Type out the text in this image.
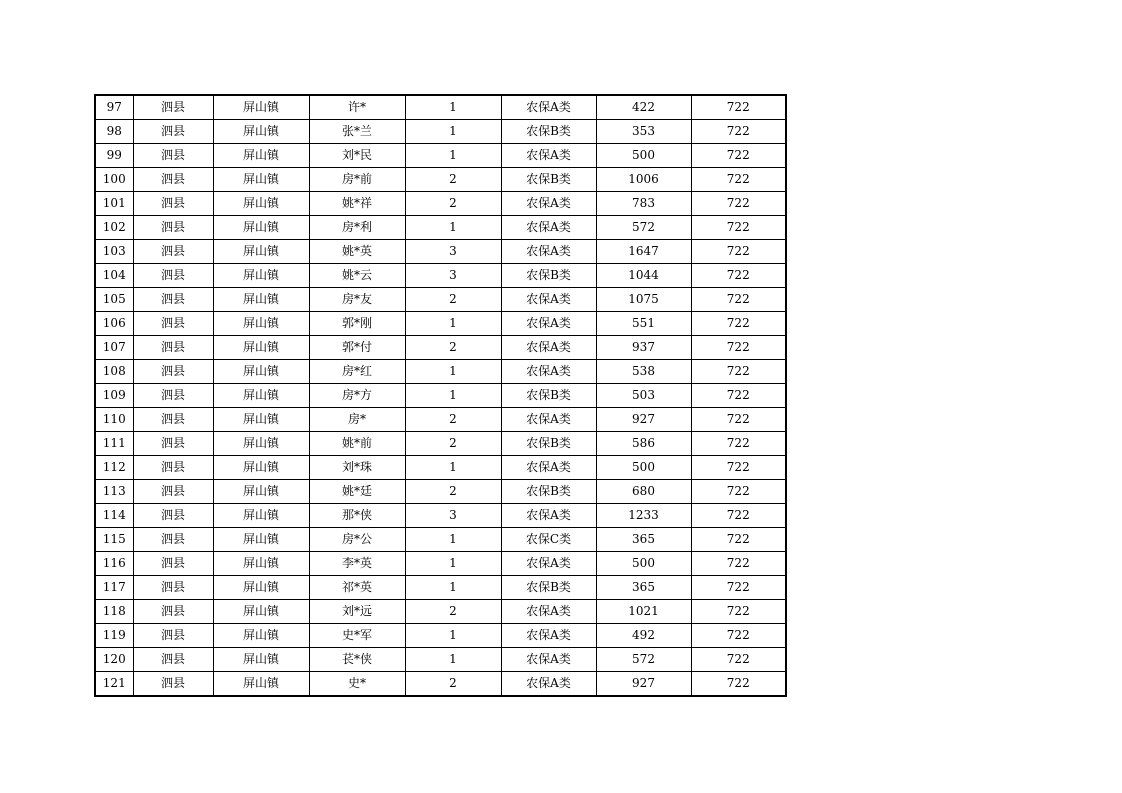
97	泗县	屏山镇	许*	1	农保A类	422	722
98	泗县	屏山镇	张*兰	1	农保B类	353	722
99	泗县	屏山镇	刘*民	1	农保A类	500	722
100	泗县	屏山镇	房*前	2	农保B类	1006	722
101	泗县	屏山镇	姚*祥	2	农保A类	783	722
102	泗县	屏山镇	房*利	1	农保A类	572	722
103	泗县	屏山镇	姚*英	3	农保A类	1647	722
104	泗县	屏山镇	姚*云	3	农保B类	1044	722
105	泗县	屏山镇	房*友	2	农保A类	1075	722
106	泗县	屏山镇	郭*刚	1	农保A类	551	722
107	泗县	屏山镇	郭*付	2	农保A类	937	722
108	泗县	屏山镇	房*红	1	农保A类	538	722
109	泗县	屏山镇	房*方	1	农保B类	503	722
110	泗县	屏山镇	房*	2	农保A类	927	722
111	泗县	屏山镇	姚*前	2	农保B类	586	722
112	泗县	屏山镇	刘*珠	1	农保A类	500	722
113	泗县	屏山镇	姚*廷	2	农保B类	680	722
114	泗县	屏山镇	那*侠	3	农保A类	1233	722
115	泗县	屏山镇	房*公	1	农保C类	365	722
116	泗县	屏山镇	李*英	1	农保A类	500	722
117	泗县	屏山镇	祁*英	1	农保B类	365	722
118	泗县	屏山镇	刘*远	2	农保A类	1021	722
119	泗县	屏山镇	史*军	1	农保A类	492	722
120	泗县	屏山镇	苌*侠	1	农保A类	572	722
121	泗县	屏山镇	史*	2	农保A类	927	722
